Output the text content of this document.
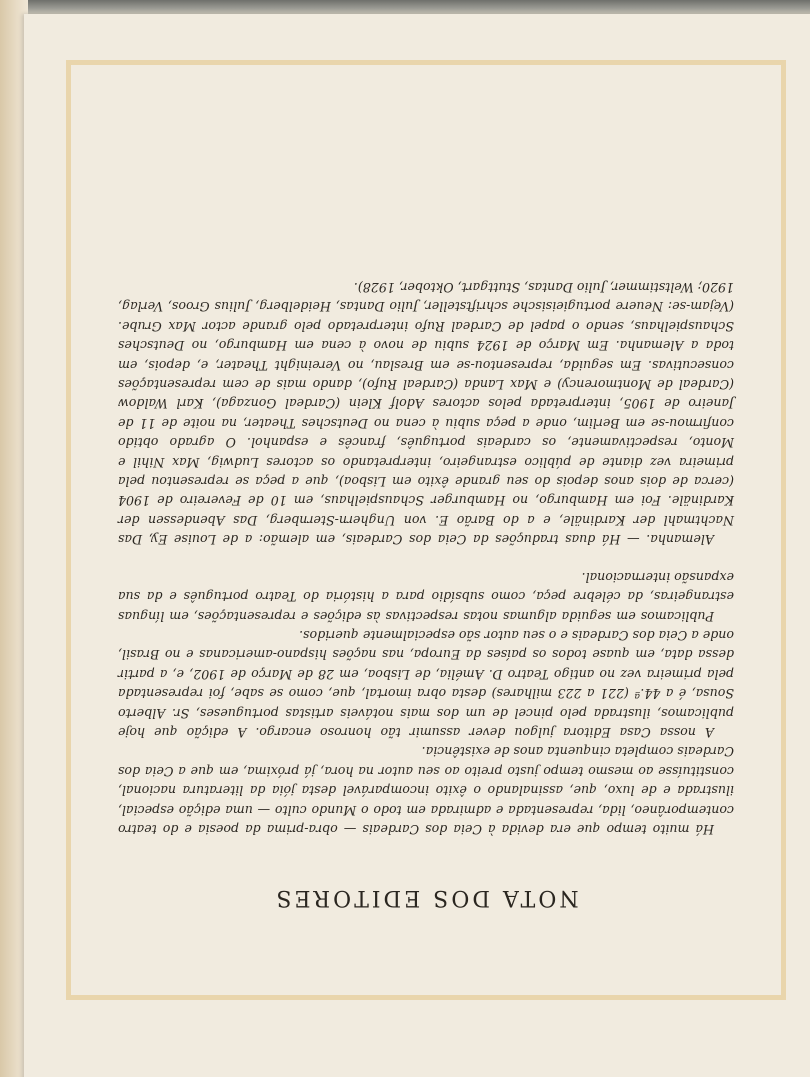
NOTA DOS EDITORES

Há muito tempo que era devida à Ceia dos Cardeais — obra-prima da poesia e do teatro contemporâneo, lida, representada e admirada em todo o Mundo culto — uma edição especial, ilustrada e de luxo, que, assinalando o êxito incomparável desta jóia da literatura nacional, constituísse ao mesmo tempo justo preito ao seu autor na hora, já próxima, em que a Ceia dos Cardeais completa cinquenta anos de existência.

A nossa Casa Editora julgou dever assumir tão honroso encargo. A edição que hoje publicamos, ilustrada pelo pincel de um dos mais notáveis artistas portugueses, Sr. Alberto Sousa, é a 44.ª (221 a 223 milhares) desta obra imortal, que, como se sabe, foi representada pela primeira vez no antigo Teatro D. Amélia, de Lisboa, em 28 de Março de 1902, e, a partir dessa data, em quase todos os países da Europa, nas nações hispano-americanas e no Brasil, onde a Ceia dos Cardeais e o seu autor são especialmente queridos.

Publicamos em seguida algumas notas respectivas às edições e representações, em línguas estrangeiras, da célebre peça, como subsídio para a história do Teatro português e da sua expansão internacional.

Alemanha. — Há duas traduções da Ceia dos Cardeais, em alemão: a de Louise Ey, Das Nachtmahl der Kardinäle, e a do Barão E. von Unghern-Sternberg, Das Abendessen der Kardinäle. Foi em Hamburgo, no Hamburger Schauspielhaus, em 10 de Fevereiro de 1904 (cerca de dois anos depois do seu grande êxito em Lisboa), que a peça se representou pela primeira vez diante de público estrangeiro, interpretando os actores Ludwig, Max Nihil e Monto, respectivamente, os cardeais português, francês e espanhol. O agrado obtido confirmou-se em Berlim, onde a peça subiu à cena no Deutsches Theater, na noite de 11 de Janeiro de 1905, interpretada pelos actores Adolf Klein (Cardeal Gonzaga), Karl Waldow (Cardeal de Montmorency) e Max Landa (Cardeal Rufo), dando mais de cem representações consecutivas. Em seguida, representou-se em Breslau, no Vereinight Theater, e, depois, em toda a Alemanha. Em Março de 1924 subiu de novo à cena em Hamburgo, no Deutsches Schauspielhaus, sendo o papel de Cardeal Rufo interpretado pelo grande actor Max Grube. (Vejam-se: Neuere portugieisische schriftsteller, Julio Dantas, Heidelberg, Julius Groos, Verlag, 1920; Weltstimmer, Julio Dantas, Stuttgart, Oktober, 1928).
